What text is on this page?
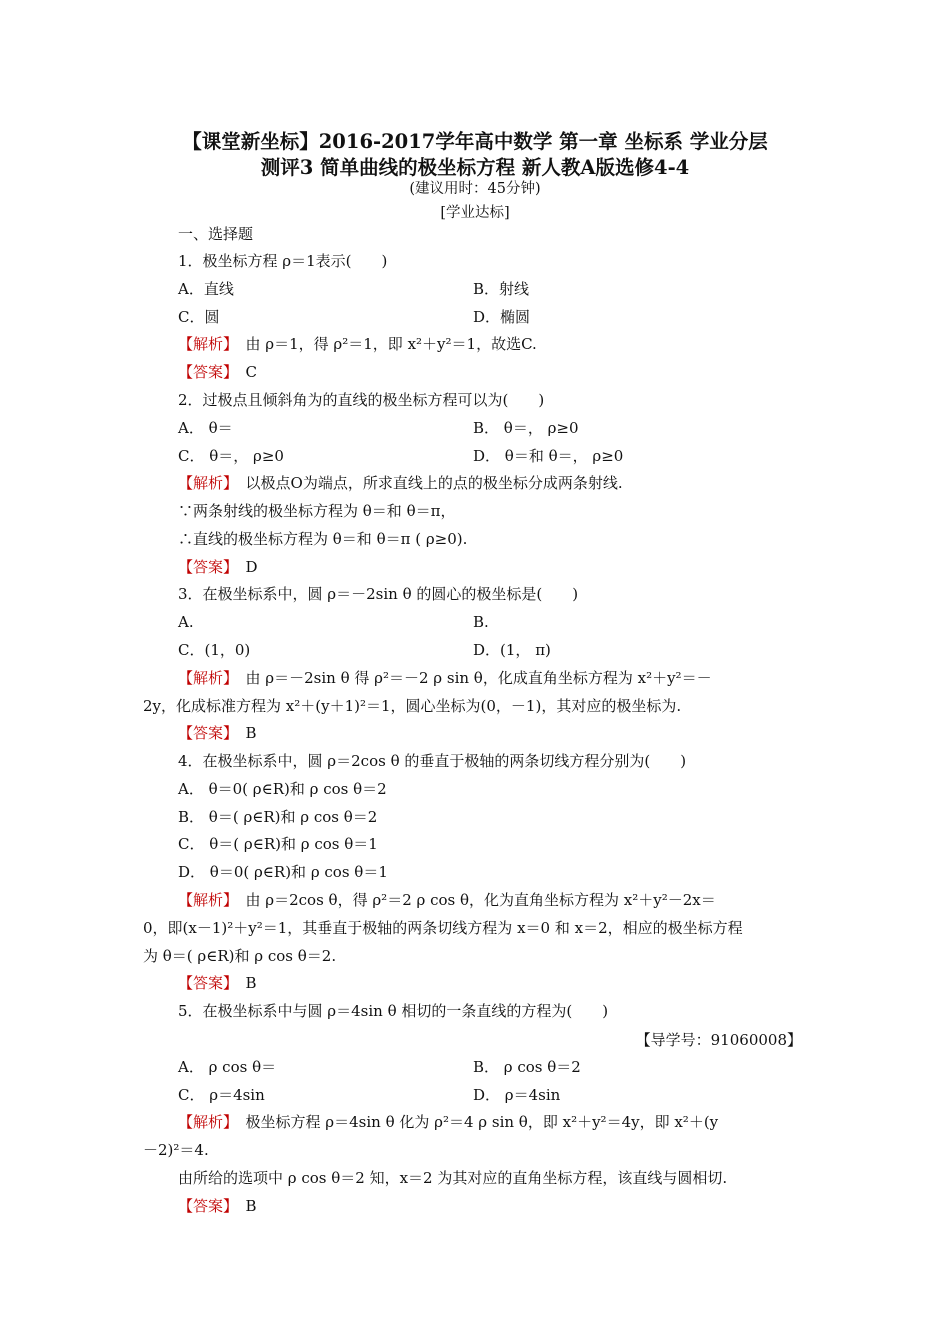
【课堂新坐标】2016-2017学年高中数学 第一章 坐标系 学业分层
测评3 简单曲线的极坐标方程 新人教A版选修4-4
(建议用时：45分钟)
[学业达标]
一、选择题
1．极坐标方程 ρ＝1表示(　　)
A．直线	B．射线
C．圆	D．椭圆
【解析】　 由 ρ＝1，得 ρ²＝1，即 x²＋y²＝1，故选C.
【答案】　 C
2．过极点且倾斜角为的直线的极坐标方程可以为(　　)
A． θ＝	B． θ＝， ρ≥0
C． θ＝， ρ≥0	D． θ＝和 θ＝， ρ≥0
【解析】　 以极点O为端点，所求直线上的点的极坐标分成两条射线.
∵两条射线的极坐标方程为 θ＝和 θ＝π，
∴直线的极坐标方程为 θ＝和 θ＝π ( ρ≥0).
【答案】　 D
3．在极坐标系中，圆 ρ＝－2sin θ 的圆心的极坐标是(　　)
A.	B.
C．(1，0)	D．(1， π)
【解析】　 由 ρ＝－2sin θ 得 ρ²＝－2 ρ sin θ，化成直角坐标方程为 x²＋y²＝－
2y，化成标准方程为 x²＋(y＋1)²＝1，圆心坐标为(0，－1)，其对应的极坐标为.
【答案】　 B
4．在极坐标系中，圆 ρ＝2cos θ 的垂直于极轴的两条切线方程分别为(　　)
A． θ＝0( ρ∈R)和 ρ cos θ＝2
B． θ＝( ρ∈R)和 ρ cos θ＝2
C． θ＝( ρ∈R)和 ρ cos θ＝1
D． θ＝0( ρ∈R)和 ρ cos θ＝1
【解析】　 由 ρ＝2cos θ，得 ρ²＝2 ρ cos θ，化为直角坐标方程为 x²＋y²－2x＝
0，即(x－1)²＋y²＝1，其垂直于极轴的两条切线方程为 x＝0 和 x＝2，相应的极坐标方程
为 θ＝( ρ∈R)和 ρ cos θ＝2.
【答案】　 B
5．在极坐标系中与圆 ρ＝4sin θ 相切的一条直线的方程为(　　)
【导学号：91060008】
A． ρ cos θ＝	B． ρ cos θ＝2
C． ρ＝4sin	D． ρ＝4sin
【解析】　 极坐标方程 ρ＝4sin θ 化为 ρ²＝4 ρ sin θ，即 x²＋y²＝4y，即 x²＋(y
－2)²＝4.
由所给的选项中 ρ cos θ＝2 知，x＝2 为其对应的直角坐标方程，该直线与圆相切.
【答案】　 B
